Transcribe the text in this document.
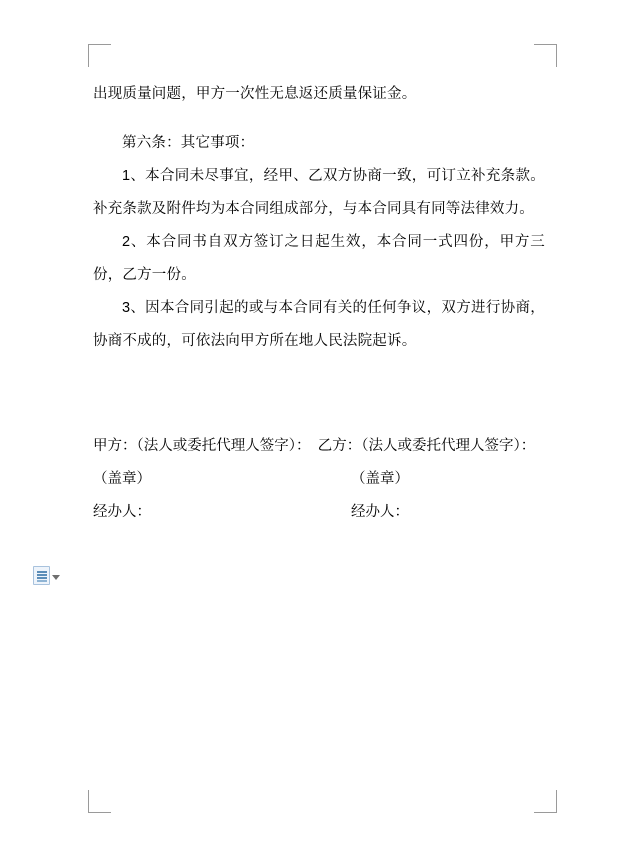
出现质量问题，甲方一次性无息返还质量保证金。

第六条：其它事项：

1、本合同未尽事宜，经甲、乙双方协商一致，可订立补充条款。补充条款及附件均为本合同组成部分，与本合同具有同等法律效力。

2、本合同书自双方签订之日起生效，本合同一式四份，甲方三份，乙方一份。

3、因本合同引起的或与本合同有关的任何争议，双方进行协商，协商不成的，可依法向甲方所在地人民法院起诉。

甲方：（法人或委托代理人签字）：　乙方：（法人或委托代理人签字）：

（盖章）	（盖章）
经办人：	经办人：
